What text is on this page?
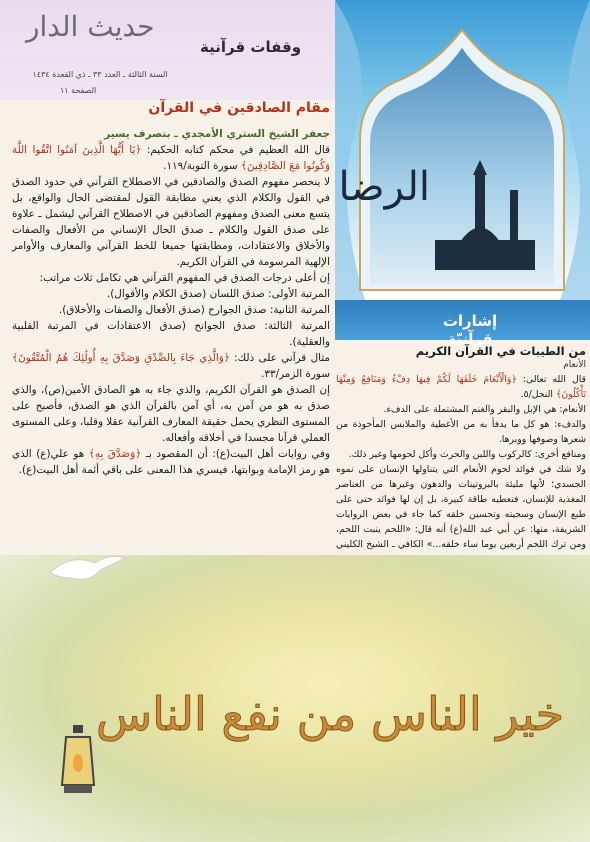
حديث الدار
وقفات قرآنية
السنة الثالثة ـ العدد ٣٣ ـ ذي القعدة ١٤٣٤
الصفحة ١١
الرضا
إشارات قرآنيّة
مقام الصادقين في القرآن

جعفر الشيخ الستري الأمجدي ـ بتصرف يسير

قال الله العظيم في محكم كتابه الحكيم: ﴿يَا أَيُّهَا الَّذِينَ آمَنُوا اتَّقُوا اللَّهَ وَكُونُوا مَعَ الصَّادِقِينَ﴾ سورة التوبة/١١٩.

لا ينحصر مفهوم الصدق والصادقين في الاصطلاح القرآني في حدود الصدق في القول والكلام الذي يعني مطابقة القول لمقتضى الحال والواقع، بل يتسع معنى الصدق ومفهوم الصادقين في الاصطلاح القرآني ليشمل ـ علاوة على صدق القول والكلام ـ صدق الحال الإنساني من الأفعال والصفات والأخلاق والاعتقادات، ومطابقتها جميعا للخط القرآني والمعارف والأوامر الإلهية المرسومة في القرآن الكريم.

إن أعلى درجات الصدق في المفهوم القرآني هي تكامل ثلاث مراتب:

المرتبة الأولى: صدق اللسان (صدق الكلام والأقوال).

المرتبة الثانية: صدق الجوارح (صدق الأفعال والصفات والأخلاق).

المرتبة الثالثة: صدق الجوانح (صدق الاعتقادات في المرتبة القلبية والعقلية).

مثال قرآني على ذلك: ﴿وَالَّذِي جَاءَ بِالصِّدْقِ وَصَدَّقَ بِهِ أُولَٰئِكَ هُمُ الْمُتَّقُونَ﴾ سورة الزمر/٣٣.

إن الصدق هو القرآن الكريم، والذي جاء به هو الصادق الأمين(ص)، والذي صدق به هو من آمن به، أي آمن بالقرآن الذي هو الصدق، فأصبح على المستوى النظري يحمل حقيقة المعارف القرآنية عقلا وقلبا، وعلى المستوى العملي قرآنا مجسدا في أخلاقه وأفعاله.

وفي روايات أهل البيت(ع): أن المقصود بـ ﴿وَصَدَّقَ بِهِ﴾ هو علي(ع) الذي هو رمز الإمامة وبوابتها، فيسري هذا المعنى على باقي أئمة أهل البيت(ع).

من الطيبات في القرآن الكريم
الأنعام

قال الله تعالى: ﴿وَالْأَنْعَامَ خَلَقَهَا لَكُمْ فِيهَا دِفْءٌ وَمَنَافِعُ وَمِنْهَا تَأْكُلُونَ﴾ النحل/٥.

الأنعام: هي الإبل والبقر والغنم المشتملة على الدفء.

والدفء: هو كل ما يدفأ به من الأغطية والملابس المأخوذة من شعرها وصوفها ووبرها.

ومنافع أخرى: كالركوب واللبن والحرث وأكل لحومها وغير ذلك.

ولا شك في فوائد لحوم الأنعام التي يتناولها الإنسان على نموه الجسدي؛ لأنها مليئة بالبروتينات والدهون وغيرها من العناصر المغذية للإنسان، فتعطيه طاقة كبيرة، بل إن لها فوائد حتى على طبع الإنسان وسجيته وتحسين خلقه كما جاء في بعض الروايات الشريفة، منها: عن أبي عبد الله(ع) أنه قال: «اللحم ينبت اللحم، ومن ترك اللحم أربعين يوما ساء خلقه...» الكافي ـ الشيخ الكليني

خير الناس من نفع الناس
